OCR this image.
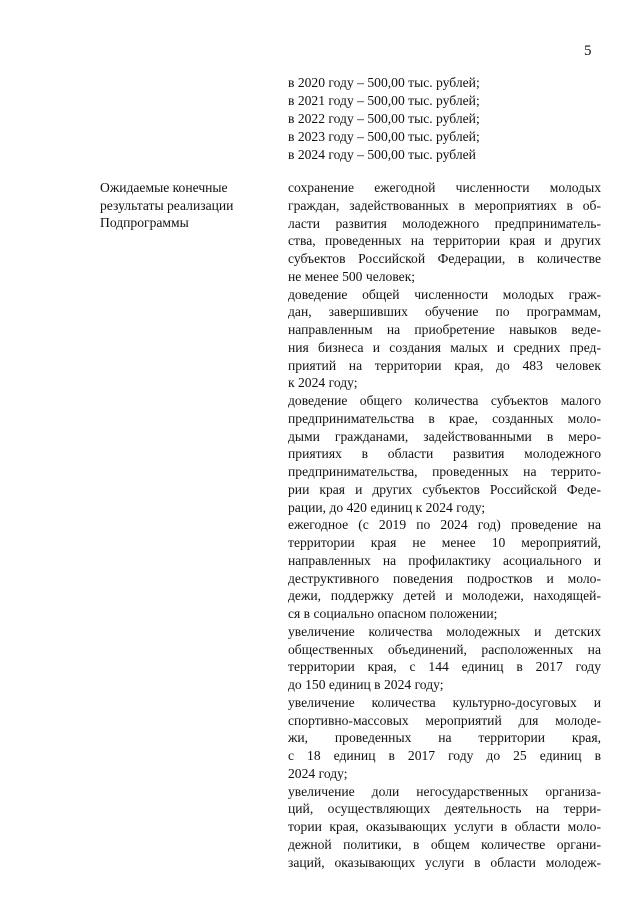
5
в 2020 году – 500,00 тыс. рублей;
в 2021 году – 500,00 тыс. рублей;
в 2022 году – 500,00 тыс. рублей;
в 2023 году – 500,00 тыс. рублей;
в 2024 году – 500,00 тыс. рублей
Ожидаемые конечные
результаты реализации
Подпрограммы
сохранение ежегодной численности молодых
граждан, задействованных в мероприятиях в об-
ласти развития молодежного предприниматель-
ства, проведенных на территории края и других
субъектов Российской Федерации, в количестве
не менее 500 человек;
доведение общей численности молодых граж-
дан, завершивших обучение по программам,
направленным на приобретение навыков веде-
ния бизнеса и создания малых и средних пред-
приятий на территории края, до 483 человек
к 2024 году;
доведение общего количества субъектов малого
предпринимательства в крае, созданных моло-
дыми гражданами, задействованными в меро-
приятиях в области развития молодежного
предпринимательства, проведенных на террито-
рии края и других субъектов Российской Феде-
рации, до 420 единиц к 2024 году;
ежегодное (с 2019 по 2024 год) проведение на
территории края не менее 10 мероприятий,
направленных на профилактику асоциального и
деструктивного поведения подростков и моло-
дежи, поддержку детей и молодежи, находящей-
ся в социально опасном положении;
увеличение количества молодежных и детских
общественных объединений, расположенных на
территории края, с 144 единиц в 2017 году
до 150 единиц в 2024 году;
увеличение количества культурно-досуговых и
спортивно-массовых мероприятий для молоде-
жи, проведенных на территории края,
с 18 единиц в 2017 году до 25 единиц в
2024 году;
увеличение доли негосударственных организа-
ций, осуществляющих деятельность на терри-
тории края, оказывающих услуги в области моло-
дежной политики, в общем количестве органи-
заций, оказывающих услуги в области молодеж-
